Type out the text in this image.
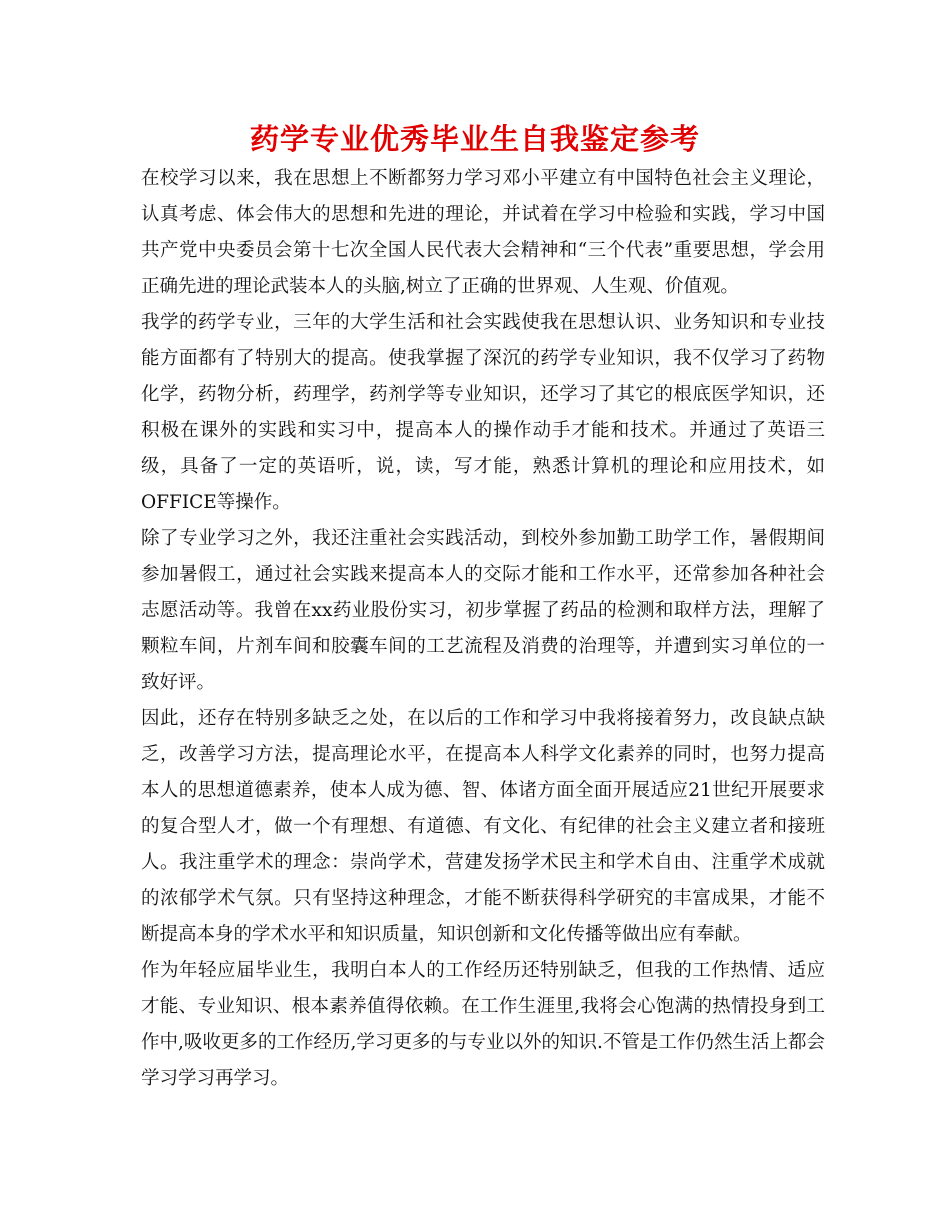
药学专业优秀毕业生自我鉴定参考

在校学习以来，我在思想上不断都努力学习邓小平建立有中国特色社会主义理论，认真考虑、体会伟大的思想和先进的理论，并试着在学习中检验和实践，学习中国共产党中央委员会第十七次全国人民代表大会精神和“三个代表”重要思想，学会用正确先进的理论武装本人的头脑,树立了正确的世界观、人生观、价值观。

我学的药学专业，三年的大学生活和社会实践使我在思想认识、业务知识和专业技能方面都有了特别大的提高。使我掌握了深沉的药学专业知识，我不仅学习了药物化学，药物分析，药理学，药剂学等专业知识，还学习了其它的根底医学知识，还积极在课外的实践和实习中，提高本人的操作动手才能和技术。并通过了英语三级，具备了一定的英语听，说，读，写才能，熟悉计算机的理论和应用技术，如OFFICE等操作。

除了专业学习之外，我还注重社会实践活动，到校外参加勤工助学工作，暑假期间参加暑假工，通过社会实践来提高本人的交际才能和工作水平，还常参加各种社会志愿活动等。我曾在xx药业股份实习，初步掌握了药品的检测和取样方法，理解了颗粒车间，片剂车间和胶囊车间的工艺流程及消费的治理等，并遭到实习单位的一致好评。

因此，还存在特别多缺乏之处，在以后的工作和学习中我将接着努力，改良缺点缺乏，改善学习方法，提高理论水平，在提高本人科学文化素养的同时，也努力提高本人的思想道德素养，使本人成为德、智、体诸方面全面开展适应21世纪开展要求的复合型人才，做一个有理想、有道德、有文化、有纪律的社会主义建立者和接班人。我注重学术的理念：崇尚学术，营建发扬学术民主和学术自由、注重学术成就的浓郁学术气氛。只有坚持这种理念，才能不断获得科学研究的丰富成果，才能不断提高本身的学术水平和知识质量，知识创新和文化传播等做出应有奉献。

作为年轻应届毕业生，我明白本人的工作经历还特别缺乏，但我的工作热情、适应才能、专业知识、根本素养值得依赖。在工作生涯里,我将会心饱满的热情投身到工作中,吸收更多的工作经历,学习更多的与专业以外的知识.不管是工作仍然生活上都会学习学习再学习。
